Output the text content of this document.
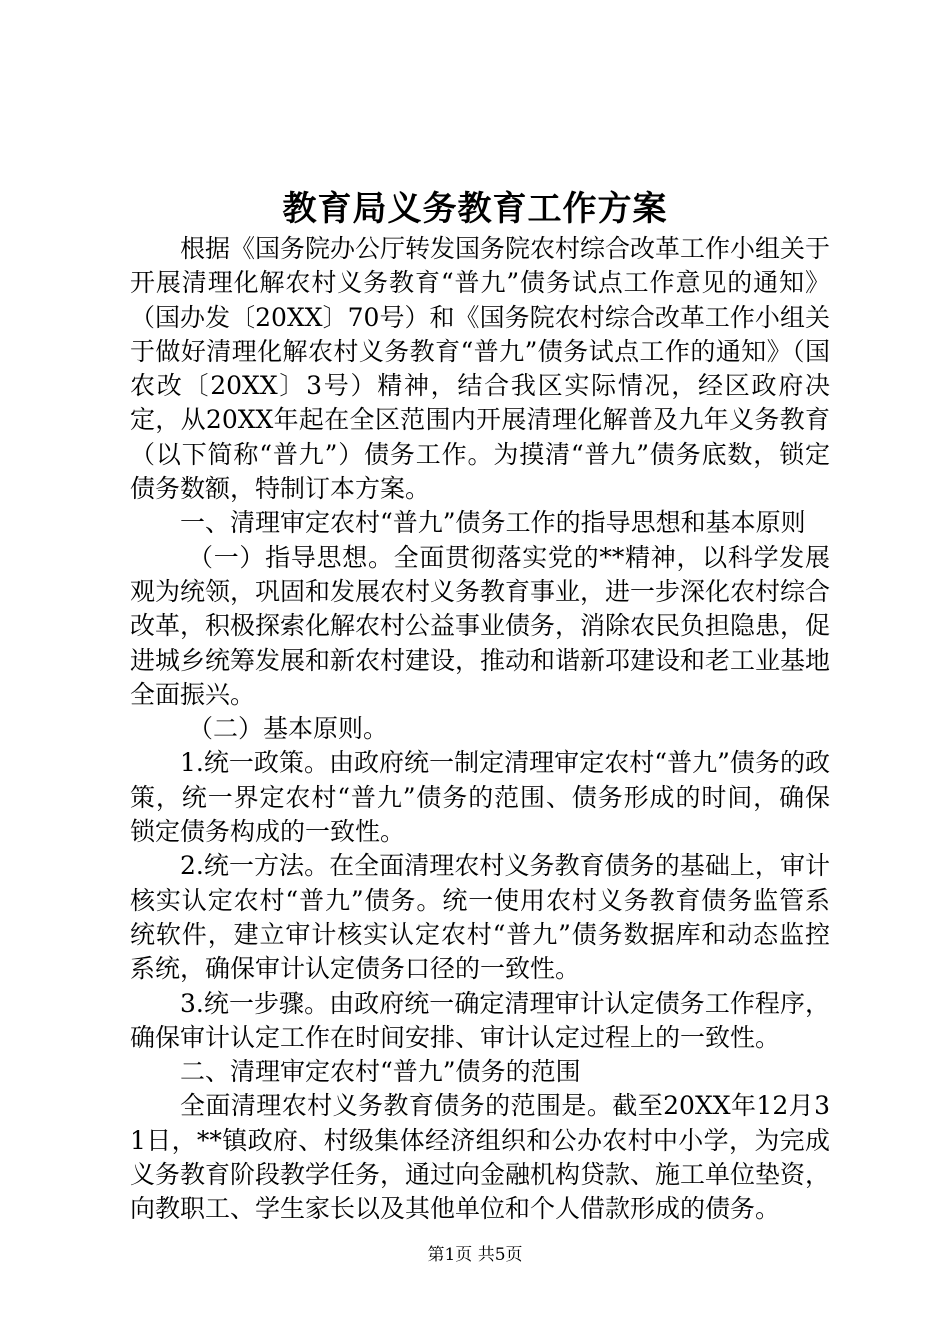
教育局义务教育工作方案

根据《国务院办公厅转发国务院农村综合改革工作小组关于开展清理化解农村义务教育“普九”债务试点工作意见的通知》（国办发〔20XX〕70号）和《国务院农村综合改革工作小组关于做好清理化解农村义务教育“普九”债务试点工作的通知》（国农改〔20XX〕3号）精神，结合我区实际情况，经区政府决定，从20XX年起在全区范围内开展清理化解普及九年义务教育（以下简称“普九”）债务工作。为摸清“普九”债务底数，锁定债务数额，特制订本方案。

一、清理审定农村“普九”债务工作的指导思想和基本原则

（一）指导思想。全面贯彻落实党的**精神，以科学发展观为统领，巩固和发展农村义务教育事业，进一步深化农村综合改革，积极探索化解农村公益事业债务，消除农民负担隐患，促进城乡统筹发展和新农村建设，推动和谐新邛建设和老工业基地全面振兴。

（二）基本原则。

1.统一政策。由政府统一制定清理审定农村“普九”债务的政策，统一界定农村“普九”债务的范围、债务形成的时间，确保锁定债务构成的一致性。

2.统一方法。在全面清理农村义务教育债务的基础上，审计核实认定农村“普九”债务。统一使用农村义务教育债务监管系统软件，建立审计核实认定农村“普九”债务数据库和动态监控系统，确保审计认定债务口径的一致性。

3.统一步骤。由政府统一确定清理审计认定债务工作程序，确保审计认定工作在时间安排、审计认定过程上的一致性。

二、清理审定农村“普九”债务的范围

全面清理农村义务教育债务的范围是。截至20XX年12月31日，**镇政府、村级集体经济组织和公办农村中小学，为完成义务教育阶段教学任务，通过向金融机构贷款、施工单位垫资，向教职工、学生家长以及其他单位和个人借款形成的债务。

第1页 共5页
